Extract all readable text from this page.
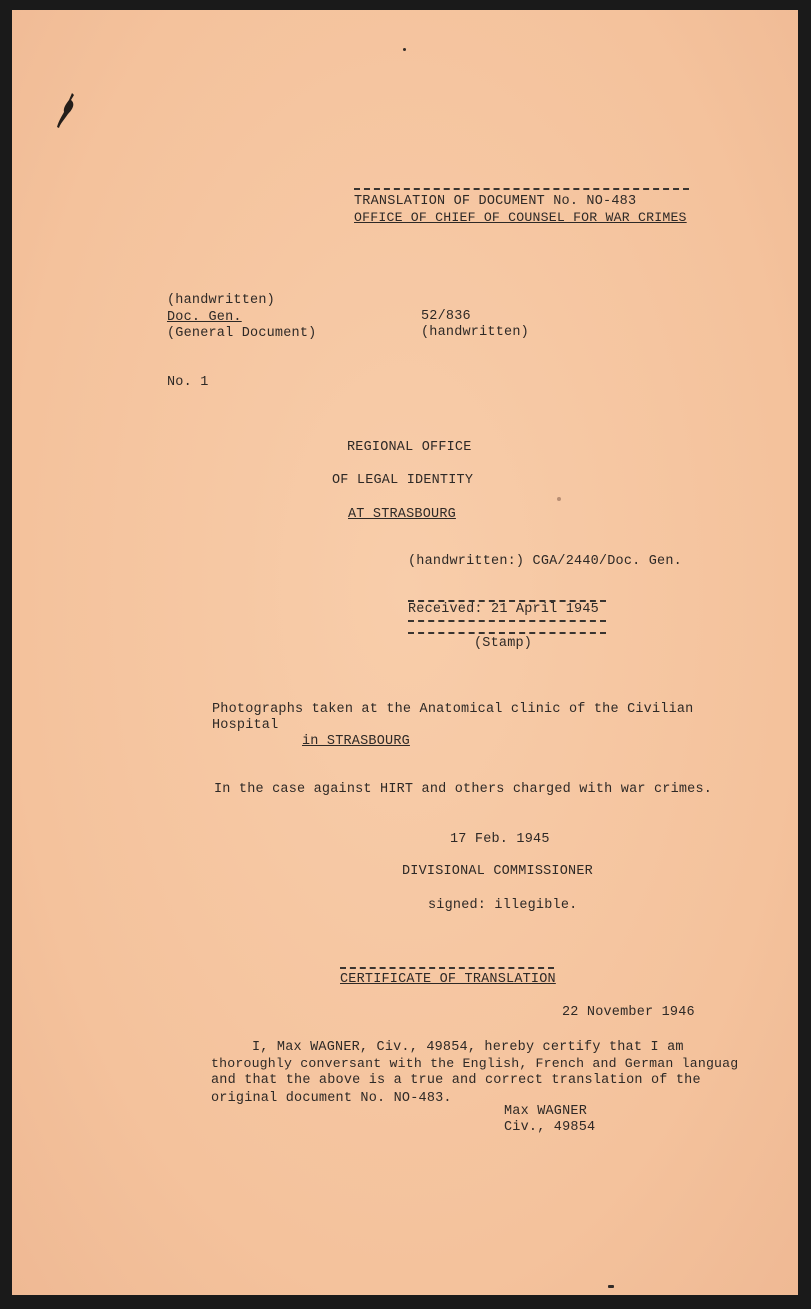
TRANSLATION OF DOCUMENT No. NO-483
OFFICE OF CHIEF OF COUNSEL FOR WAR CRIMES
(handwritten)
Doc. Gen.
(General Document)
52/836
(handwritten)
No. 1
REGIONAL OFFICE
OF LEGAL IDENTITY
AT STRASBOURG
(handwritten:) CGA/2440/Doc. Gen.
Received: 21 April 1945
(Stamp)
Photographs taken at the Anatomical clinic of the Civilian
Hospital
in STRASBOURG
In the case against HIRT and others charged with war crimes.
17 Feb. 1945
DIVISIONAL COMMISSIONER
signed: illegible.
CERTIFICATE OF TRANSLATION
22 November 1946
I, Max WAGNER, Civ., 49854, hereby certify that I am
thoroughly conversant with the English, French and German languag
and that the above is a true and correct translation of the
original document No. NO-483.
Max WAGNER
Civ., 49854
